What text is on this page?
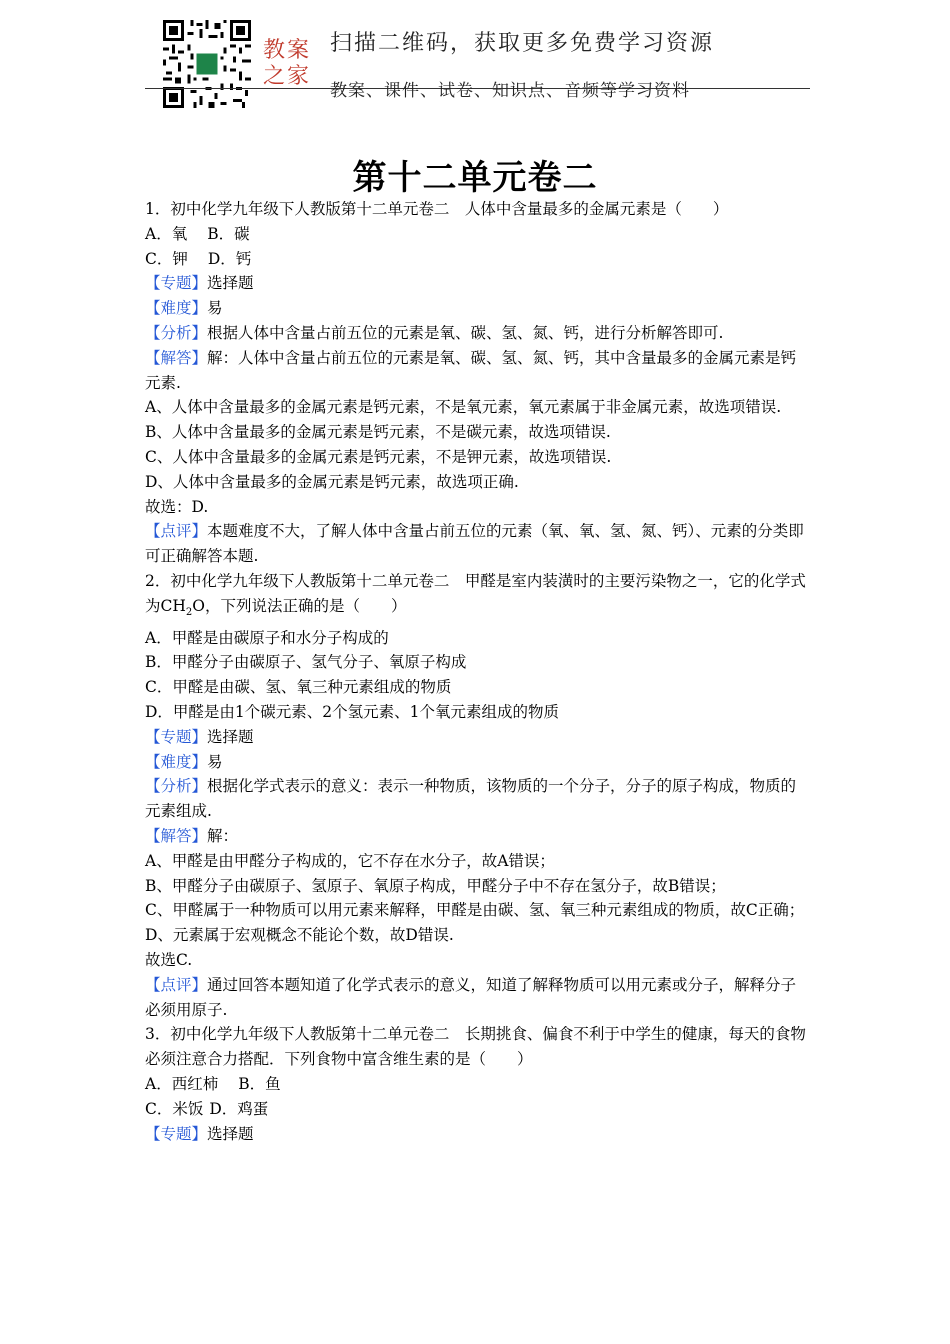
教案
之家
扫描二维码，获取更多免费学习资源
教案、课件、试卷、知识点、音频等学习资料
第十二单元卷二

1．初中化学九年级下人教版第十二单元卷二　人体中含量最多的金属元素是（　　）

A．氧 B．碳

C．钾 D．钙

【专题】选择题

【难度】易

【分析】根据人体中含量占前五位的元素是氧、碳、氢、氮、钙，进行分析解答即可.

【解答】解：人体中含量占前五位的元素是氧、碳、氢、氮、钙，其中含量最多的金属元素是钙元素.

A、人体中含量最多的金属元素是钙元素，不是氧元素，氧元素属于非金属元素，故选项错误.

B、人体中含量最多的金属元素是钙元素，不是碳元素，故选项错误.

C、人体中含量最多的金属元素是钙元素，不是钾元素，故选项错误.

D、人体中含量最多的金属元素是钙元素，故选项正确.

故选：D.

【点评】本题难度不大，了解人体中含量占前五位的元素（氧、氧、氢、氮、钙）、元素的分类即可正确解答本题.

2．初中化学九年级下人教版第十二单元卷二　甲醛是室内装潢时的主要污染物之一，它的化学式为$CH_2O$，下列说法正确的是（　　）

A．甲醛是由碳原子和水分子构成的

B．甲醛分子由碳原子、氢气分子、氧原子构成

C．甲醛是由碳、氢、氧三种元素组成的物质

D．甲醛是由1个碳元素、2个氢元素、1个氧元素组成的物质

【专题】选择题

【难度】易

【分析】根据化学式表示的意义：表示一种物质，该物质的一个分子，分子的原子构成，物质的元素组成.

【解答】解：

A、甲醛是由甲醛分子构成的，它不存在水分子，故A错误；

B、甲醛分子由碳原子、氢原子、氧原子构成，甲醛分子中不存在氢分子，故B错误；

C、甲醛属于一种物质可以用元素来解释，甲醛是由碳、氢、氧三种元素组成的物质，故C正确；

D、元素属于宏观概念不能论个数，故D错误.

故选C.

【点评】通过回答本题知道了化学式表示的意义，知道了解释物质可以用元素或分子，解释分子必须用原子.

3．初中化学九年级下人教版第十二单元卷二　长期挑食、偏食不利于中学生的健康，每天的食物必须注意合力搭配．下列食物中富含维生素的是（　　）

A．西红柿 B．鱼

C．米饭 D．鸡蛋

【专题】选择题
